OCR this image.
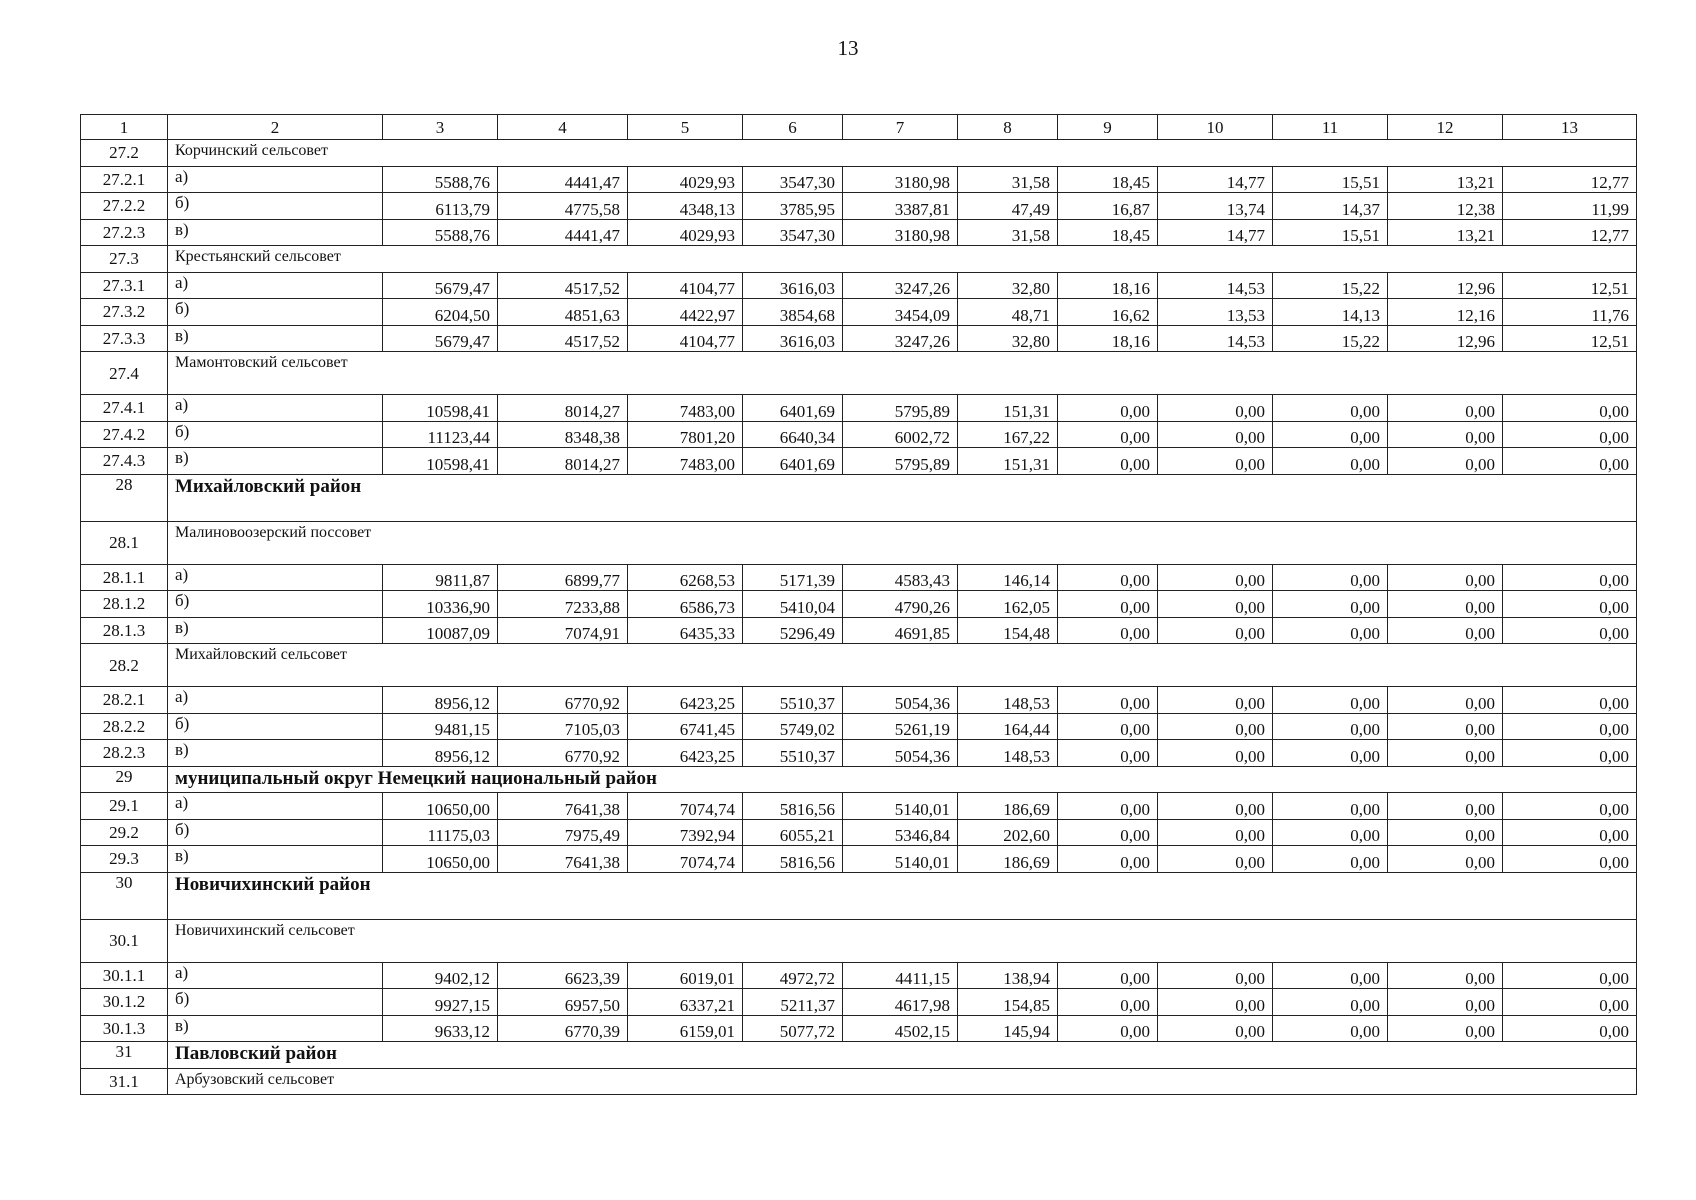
13
1	2	3	4	5	6	7	8	9	10	11	12	13
27.2	Корчинский сельсовет											

27.2.1	а)	5588,76	4441,47	4029,93	3547,30	3180,98	31,58	18,45	14,77	15,51	13,21	12,77
27.2.2	б)	6113,79	4775,58	4348,13	3785,95	3387,81	47,49	16,87	13,74	14,37	12,38	11,99
27.2.3	в)	5588,76	4441,47	4029,93	3547,30	3180,98	31,58	18,45	14,77	15,51	13,21	12,77
27.3	Крестьянский сельсовет											

27.3.1	а)	5679,47	4517,52	4104,77	3616,03	3247,26	32,80	18,16	14,53	15,22	12,96	12,51
27.3.2	б)	6204,50	4851,63	4422,97	3854,68	3454,09	48,71	16,62	13,53	14,13	12,16	11,76
27.3.3	в)	5679,47	4517,52	4104,77	3616,03	3247,26	32,80	18,16	14,53	15,22	12,96	12,51
27.4	Мамонтовский сельсовет											

27.4.1	а)	10598,41	8014,27	7483,00	6401,69	5795,89	151,31	0,00	0,00	0,00	0,00	0,00
27.4.2	б)	11123,44	8348,38	7801,20	6640,34	6002,72	167,22	0,00	0,00	0,00	0,00	0,00
27.4.3	в)	10598,41	8014,27	7483,00	6401,69	5795,89	151,31	0,00	0,00	0,00	0,00	0,00
28	Михайловский район											

28.1	Малиновоозерский поссовет											

28.1.1	а)	9811,87	6899,77	6268,53	5171,39	4583,43	146,14	0,00	0,00	0,00	0,00	0,00
28.1.2	б)	10336,90	7233,88	6586,73	5410,04	4790,26	162,05	0,00	0,00	0,00	0,00	0,00
28.1.3	в)	10087,09	7074,91	6435,33	5296,49	4691,85	154,48	0,00	0,00	0,00	0,00	0,00
28.2	Михайловский сельсовет											

28.2.1	а)	8956,12	6770,92	6423,25	5510,37	5054,36	148,53	0,00	0,00	0,00	0,00	0,00
28.2.2	б)	9481,15	7105,03	6741,45	5749,02	5261,19	164,44	0,00	0,00	0,00	0,00	0,00
28.2.3	в)	8956,12	6770,92	6423,25	5510,37	5054,36	148,53	0,00	0,00	0,00	0,00	0,00
29	муниципальный округ Немецкий национальный район											

29.1	а)	10650,00	7641,38	7074,74	5816,56	5140,01	186,69	0,00	0,00	0,00	0,00	0,00
29.2	б)	11175,03	7975,49	7392,94	6055,21	5346,84	202,60	0,00	0,00	0,00	0,00	0,00
29.3	в)	10650,00	7641,38	7074,74	5816,56	5140,01	186,69	0,00	0,00	0,00	0,00	0,00
30	Новичихинский район											

30.1	Новичихинский сельсовет											

30.1.1	а)	9402,12	6623,39	6019,01	4972,72	4411,15	138,94	0,00	0,00	0,00	0,00	0,00
30.1.2	б)	9927,15	6957,50	6337,21	5211,37	4617,98	154,85	0,00	0,00	0,00	0,00	0,00
30.1.3	в)	9633,12	6770,39	6159,01	5077,72	4502,15	145,94	0,00	0,00	0,00	0,00	0,00
31	Павловский район											

31.1	Арбузовский сельсовет											
